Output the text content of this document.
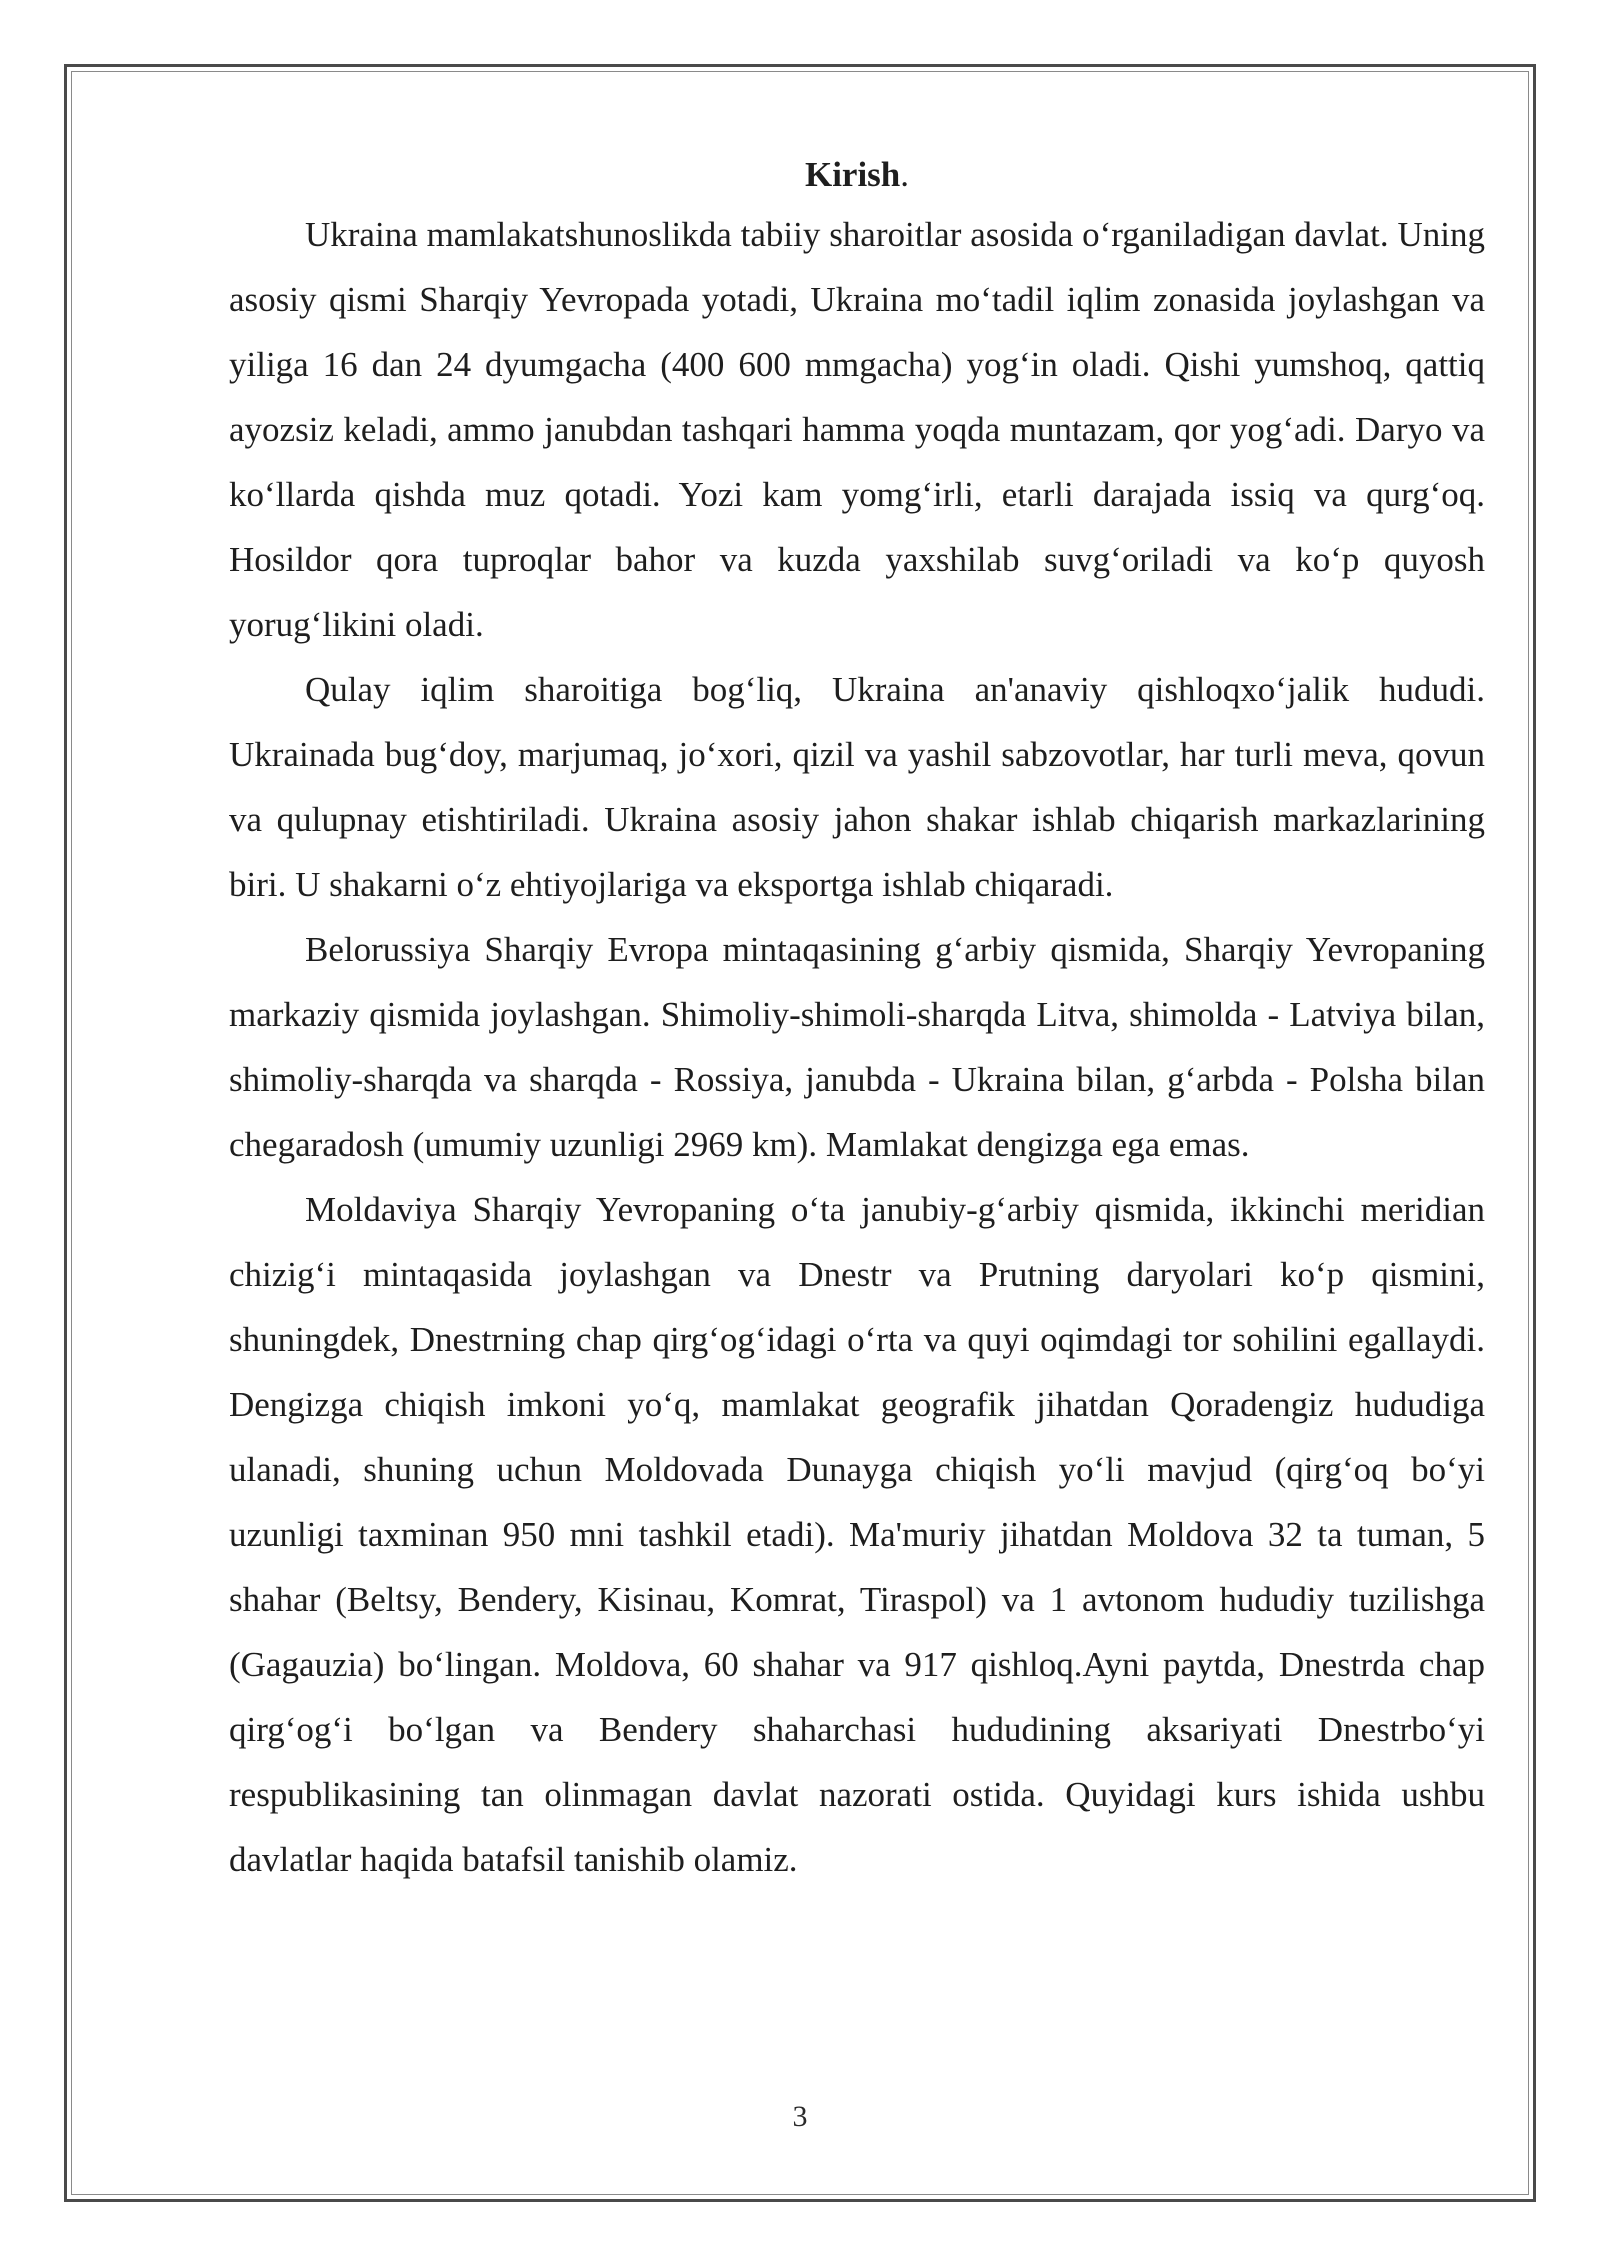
Kirish.

Ukraina mamlakatshunoslikda tabiiy sharoitlar asosida o‘rganiladigan davlat. Uning asosiy qismi Sharqiy Yevropada yotadi, Ukraina mo‘tadil iqlim zonasida joylashgan va yiliga 16 dan 24 dyumgacha (400 600 mmgacha) yog‘in oladi. Qishi yumshoq, qattiq ayozsiz keladi, ammo janubdan tashqari hamma yoqda muntazam, qor yog‘adi. Daryo va ko‘llarda qishda muz qotadi. Yozi kam yomg‘irli, etarli darajada issiq va qurg‘oq. Hosildor qora tuproqlar bahor va kuzda yaxshilab suvg‘oriladi va ko‘p quyosh yorug‘likini oladi.

Qulay iqlim sharoitiga bog‘liq, Ukraina an'anaviy qishloqxo‘jalik hududi. Ukrainada bug‘doy, marjumaq, jo‘xori, qizil va yashil sabzovotlar, har turli meva, qovun va qulupnay etishtiriladi. Ukraina asosiy jahon shakar ishlab chiqarish markazlarining biri. U shakarni o‘z ehtiyojlariga va eksportga ishlab chiqaradi.

Belorussiya Sharqiy Evropa mintaqasining g‘arbiy qismida, Sharqiy Yevropaning markaziy qismida joylashgan. Shimoliy-shimoli-sharqda Litva, shimolda - Latviya bilan, shimoliy-sharqda va sharqda - Rossiya, janubda - Ukraina bilan, g‘arbda - Polsha bilan chegaradosh (umumiy uzunligi 2969 km). Mamlakat dengizga ega emas.

Moldaviya Sharqiy Yevropaning o‘ta janubiy-g‘arbiy qismida, ikkinchi meridian chizig‘i mintaqasida joylashgan va Dnestr va Prutning daryolari ko‘p qismini, shuningdek, Dnestrning chap qirg‘og‘idagi o‘rta va quyi oqimdagi tor sohilini egallaydi. Dengizga chiqish imkoni yo‘q, mamlakat geografik jihatdan Qoradengiz hududiga ulanadi, shuning uchun Moldovada Dunayga chiqish yo‘li mavjud (qirg‘oq bo‘yi uzunligi taxminan 950 mni tashkil etadi). Ma'muriy jihatdan Moldova 32 ta tuman, 5 shahar (Beltsy, Bendery, Kisinau, Komrat, Tiraspol) va 1 avtonom hududiy tuzilishga (Gagauzia) bo‘lingan. Moldova, 60 shahar va 917 qishloq.Ayni paytda, Dnestrda chap qirg‘og‘i bo‘lgan va Bendery shaharchasi hududining aksariyati Dnestrbo‘yi respublikasining tan olinmagan davlat nazorati ostida. Quyidagi kurs ishida ushbu davlatlar haqida batafsil tanishib olamiz.

3
